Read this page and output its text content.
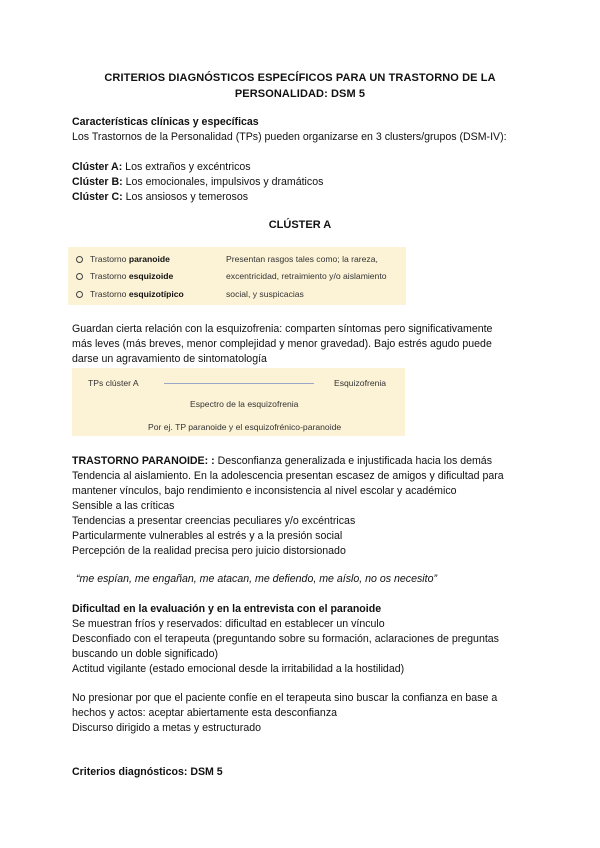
CRITERIOS DIAGNÓSTICOS ESPECÍFICOS PARA UN TRASTORNO DE LA
PERSONALIDAD: DSM 5
Características clínicas y específicas
Los Trastornos de la Personalidad (TPs) pueden organizarse en 3 clusters/grupos (DSM-IV):
Clúster A: Los extraños y excéntricos
Clúster B: Los emocionales, impulsivos y dramáticos
Clúster C: Los ansiosos y temerosos
CLÚSTER A
Trastorno paranoide
Trastorno esquizoide
Trastorno esquizotípico
Presentan rasgos tales como; la rareza,
excentricidad, retraimiento y/o aislamiento
social, y suspicacias
Guardan cierta relación con la esquizofrenia: comparten síntomas pero significativamente
más leves (más breves, menor complejidad y menor gravedad). Bajo estrés agudo puede
darse un agravamiento de sintomatología
TPs clúster A	Esquizofrenia
Espectro de la esquizofrenia
Por ej. TP paranoide y el esquizofrénico-paranoide
TRASTORNO PARANOIDE: : Desconfianza generalizada e injustificada hacia los demás
Tendencia al aislamiento. En la adolescencia presentan escasez de amigos y dificultad para
mantener vínculos, bajo rendimiento e inconsistencia al nivel escolar y académico
Sensible a las críticas
Tendencias a presentar creencias peculiares y/o excéntricas
Particularmente vulnerables al estrés y a la presión social
Percepción de la realidad precisa pero juicio distorsionado
“me espían, me engañan, me atacan, me defiendo, me aíslo, no os necesito”
Dificultad en la evaluación y en la entrevista con el paranoide
Se muestran fríos y reservados: dificultad en establecer un vínculo
Desconfiado con el terapeuta (preguntando sobre su formación, aclaraciones de preguntas
buscando un doble significado)
Actitud vigilante (estado emocional desde la irritabilidad a la hostilidad)
No presionar por que el paciente confíe en el terapeuta sino buscar la confianza en base a
hechos y actos: aceptar abiertamente esta desconfianza
Discurso dirigido a metas y estructurado
Criterios diagnósticos: DSM 5
